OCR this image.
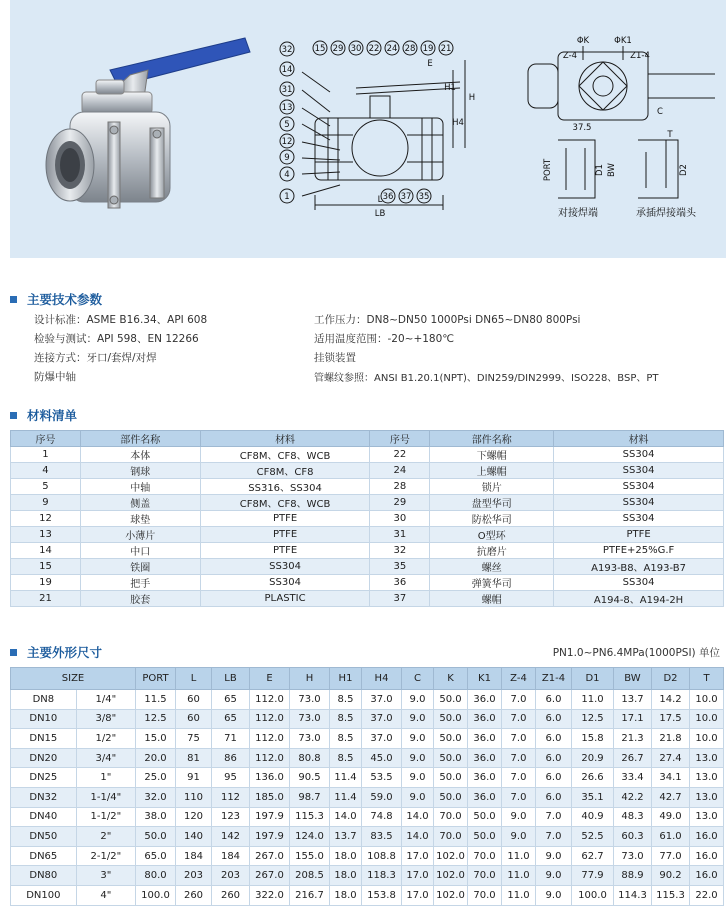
32
14
31
13
5
12
9
4
1
15 29 30 22 24 28 19 21
36 37 35
E
H1
H
H4
L
LB
ΦK	ΦK1
Z-4	Z1-4
C
37.5
PORT	D1 BW
T
D2
对接焊端	承插焊接端头
主要技术参数
设计标准：ASME B16.34、API 608
检验与测试：API 598、EN 12266
连接方式：牙口/套焊/对焊
防爆中轴
工作压力：DN8~DN50 1000Psi DN65~DN80 800Psi
适用温度范围：-20~+180℃
挂锁装置
管螺纹参照：ANSI B1.20.1(NPT)、DIN259/DIN2999、ISO228、BSP、PT
材料清单
序号	部件名称	材料	序号	部件名称	材料
1	本体	CF8M、CF8、WCB	22	下螺帽	SS304
4	钢球	CF8M、CF8	24	上螺帽	SS304
5	中轴	SS316、SS304	28	锁片	SS304
9	侧盖	CF8M、CF8、WCB	29	盘型华司	SS304
12	球垫	PTFE	30	防松华司	SS304
13	小薄片	PTFE	31	O型环	PTFE
14	中口	PTFE	32	抗磨片	PTFE+25%G.F
15	铁圈	SS304	35	螺丝	A193-B8、A193-B7
19	把手	SS304	36	弹簧华司	SS304
21	胶套	PLASTIC	37	螺帽	A194-8、A194-2H
主要外形尺寸	PN1.0~PN6.4MPa(1000PSI) 单位
SIZE		PORT	L	LB	E	H	H1	H4	C	K	K1	Z-4	Z1-4	D1	BW	D2	T
DN8	1/4"	11.5	60	65	112.0	73.0	8.5	37.0	9.0	50.0	36.0	7.0	6.0	11.0	13.7	14.2	10.0
DN10	3/8"	12.5	60	65	112.0	73.0	8.5	37.0	9.0	50.0	36.0	7.0	6.0	12.5	17.1	17.5	10.0
DN15	1/2"	15.0	75	71	112.0	73.0	8.5	37.0	9.0	50.0	36.0	7.0	6.0	15.8	21.3	21.8	10.0
DN20	3/4"	20.0	81	86	112.0	80.8	8.5	45.0	9.0	50.0	36.0	7.0	6.0	20.9	26.7	27.4	13.0
DN25	1"	25.0	91	95	136.0	90.5	11.4	53.5	9.0	50.0	36.0	7.0	6.0	26.6	33.4	34.1	13.0
DN32	1-1/4"	32.0	110	112	185.0	98.7	11.4	59.0	9.0	50.0	36.0	7.0	6.0	35.1	42.2	42.7	13.0
DN40	1-1/2"	38.0	120	123	197.9	115.3	14.0	74.8	14.0	70.0	50.0	9.0	7.0	40.9	48.3	49.0	13.0
DN50	2"	50.0	140	142	197.9	124.0	13.7	83.5	14.0	70.0	50.0	9.0	7.0	52.5	60.3	61.0	16.0
DN65	2-1/2"	65.0	184	184	267.0	155.0	18.0	108.8	17.0	102.0	70.0	11.0	9.0	62.7	73.0	77.0	16.0
DN80	3"	80.0	203	203	267.0	208.5	18.0	118.3	17.0	102.0	70.0	11.0	9.0	77.9	88.9	90.2	16.0
DN100	4"	100.0	260	260	322.0	216.7	18.0	153.8	17.0	102.0	70.0	11.0	9.0	100.0	114.3	115.3	22.0
